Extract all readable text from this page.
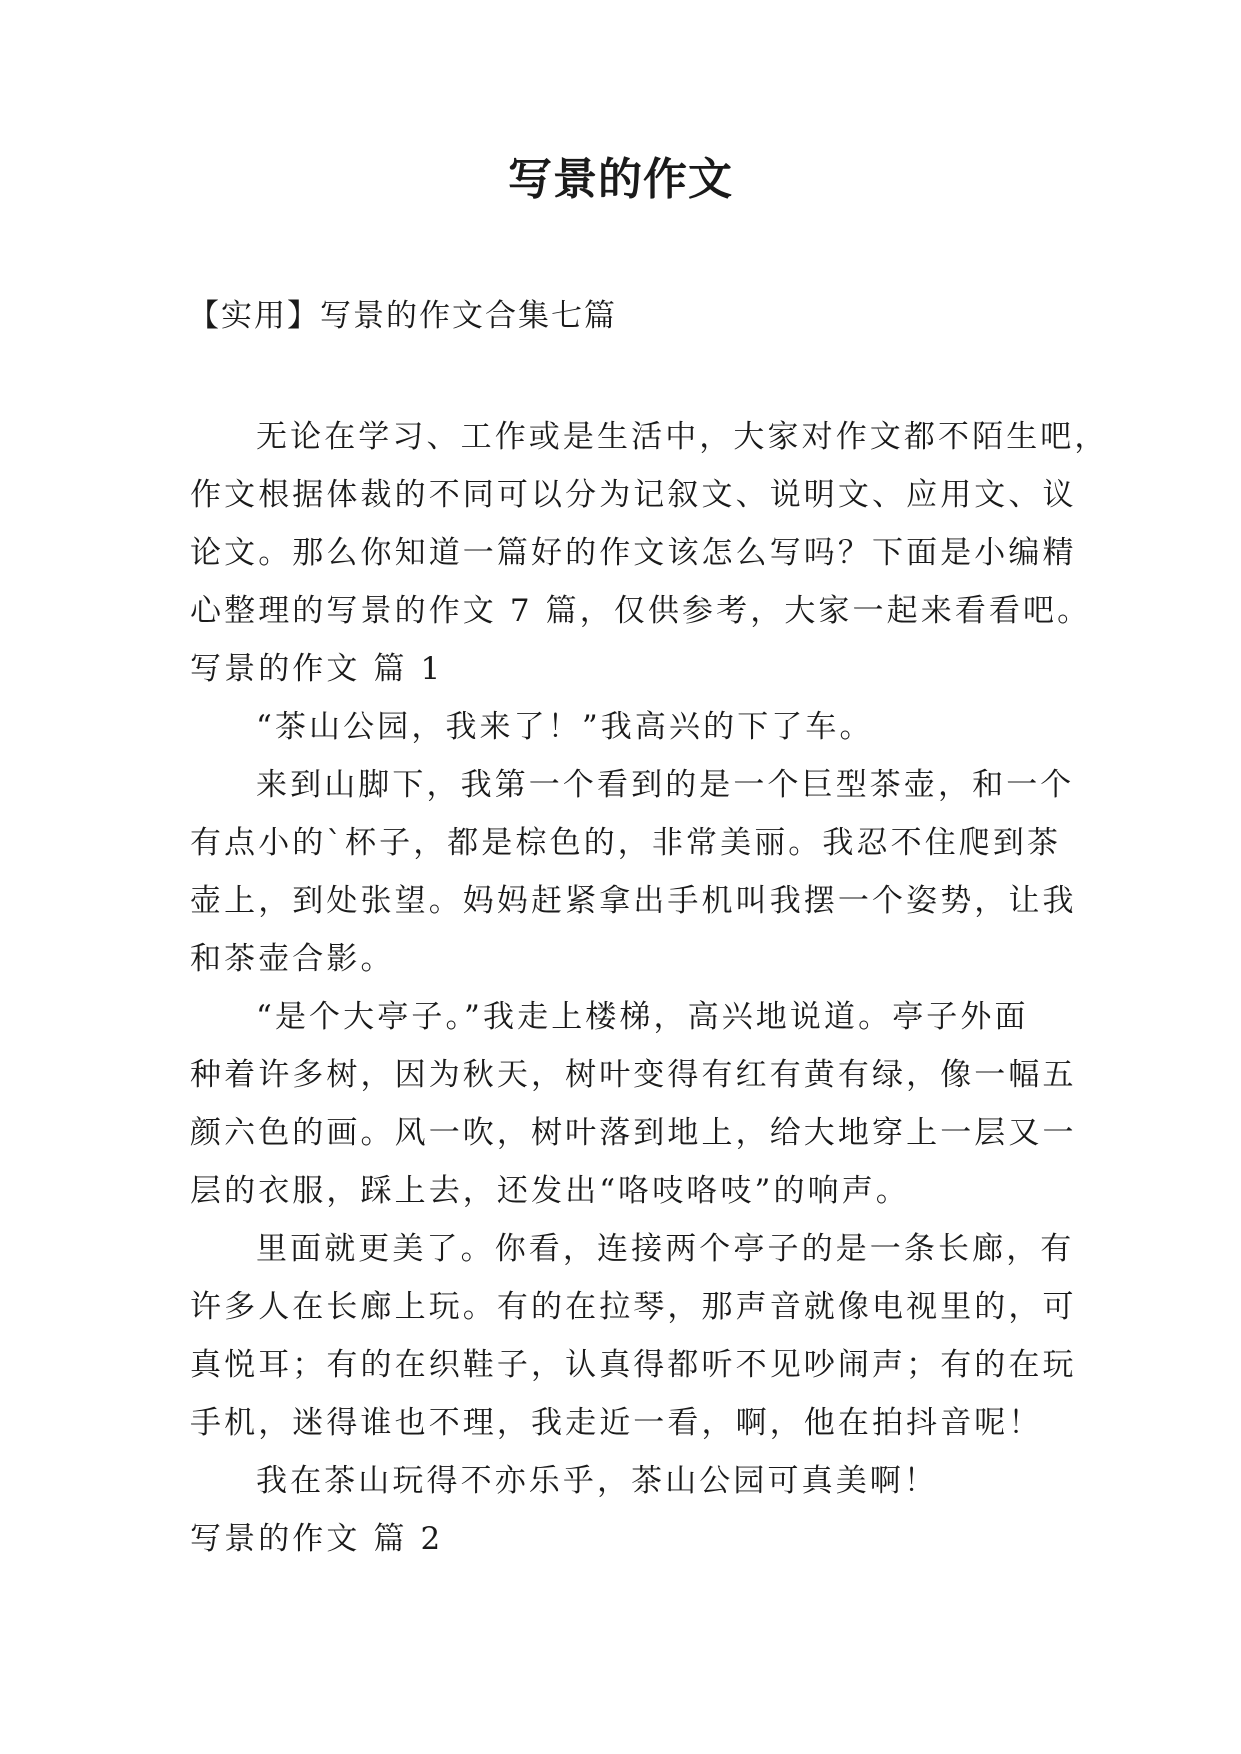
写景的作文
【实用】写景的作文合集七篇
无论在学习、工作或是生活中，大家对作文都不陌生吧，
作文根据体裁的不同可以分为记叙文、说明文、应用文、议
论文。那么你知道一篇好的作文该怎么写吗？下面是小编精
心整理的写景的作文 7 篇，仅供参考，大家一起来看看吧。
写景的作文 篇 1
“茶山公园，我来了！”我高兴的下了车。
来到山脚下，我第一个看到的是一个巨型茶壶，和一个
有点小的`杯子，都是棕色的，非常美丽。我忍不住爬到茶
壶上，到处张望。妈妈赶紧拿出手机叫我摆一个姿势，让我
和茶壶合影。
“是个大亭子。”我走上楼梯，高兴地说道。亭子外面
种着许多树，因为秋天，树叶变得有红有黄有绿，像一幅五
颜六色的画。风一吹，树叶落到地上，给大地穿上一层又一
层的衣服，踩上去，还发出“咯吱咯吱”的响声。
里面就更美了。你看，连接两个亭子的是一条长廊，有
许多人在长廊上玩。有的在拉琴，那声音就像电视里的，可
真悦耳；有的在织鞋子，认真得都听不见吵闹声；有的在玩
手机，迷得谁也不理，我走近一看，啊，他在拍抖音呢！
我在茶山玩得不亦乐乎，茶山公园可真美啊！
写景的作文 篇 2
